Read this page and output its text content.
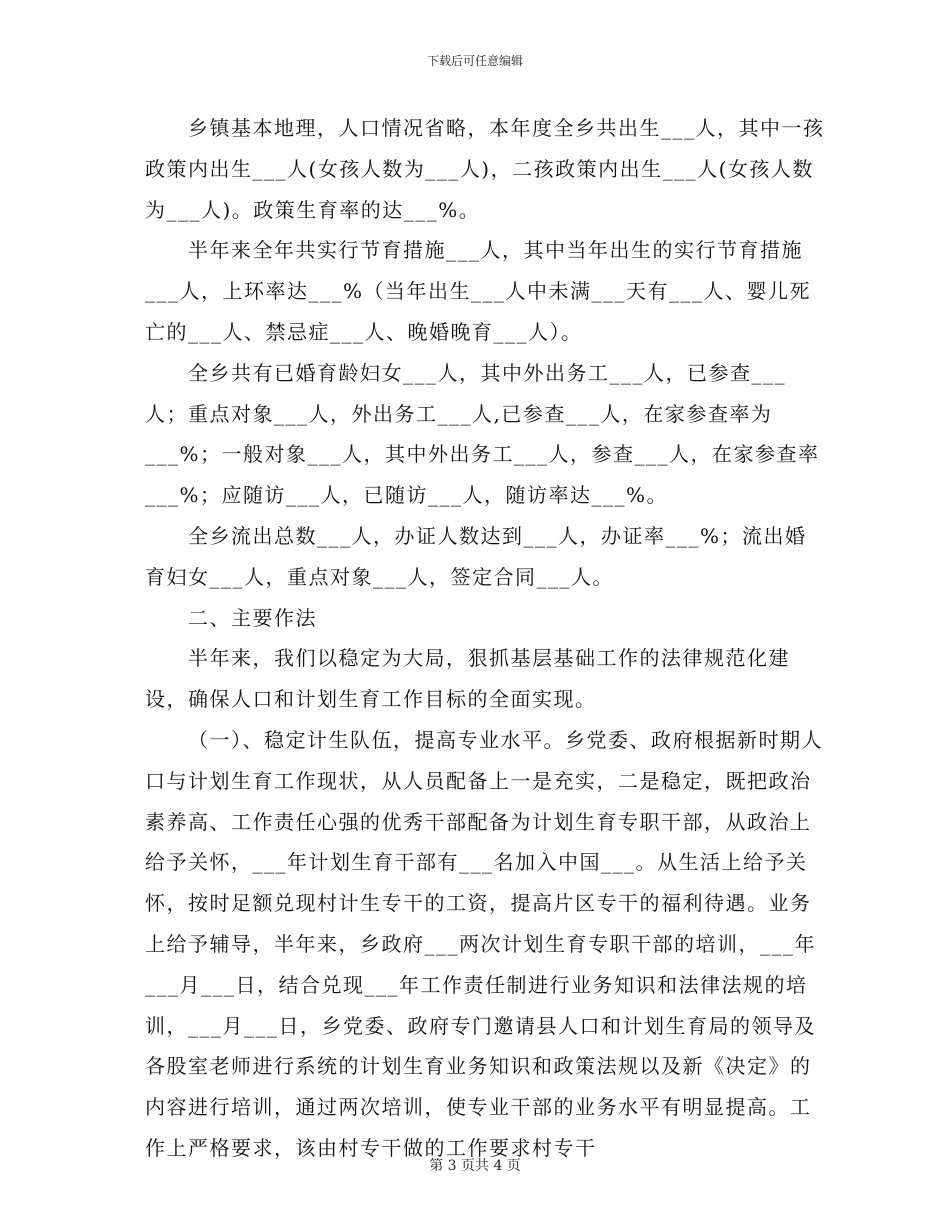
下载后可任意编辑

乡镇基本地理，人口情况省略，本年度全乡共出生___人，其中一孩政策内出生___人(女孩人数为___人)，二孩政策内出生___人(女孩人数为___人)。政策生育率的达___%。

半年来全年共实行节育措施___人，其中当年出生的实行节育措施___人，上环率达___%（当年出生___人中未满___天有___人、婴儿死亡的___人、禁忌症___人、晚婚晚育___人）。

全乡共有已婚育龄妇女___人，其中外出务工___人，已参查___人；重点对象___人，外出务工___人,已参查___人，在家参查率为___%；一般对象___人，其中外出务工___人，参查___人，在家参查率___%；应随访___人，已随访___人，随访率达___%。

全乡流出总数___人，办证人数达到___人，办证率___%；流出婚育妇女___人，重点对象___人，签定合同___人。

二、主要作法

半年来，我们以稳定为大局，狠抓基层基础工作的法律规范化建设，确保人口和计划生育工作目标的全面实现。

（一）、稳定计生队伍，提高专业水平。乡党委、政府根据新时期人口与计划生育工作现状，从人员配备上一是充实，二是稳定，既把政治素养高、工作责任心强的优秀干部配备为计划生育专职干部，从政治上给予关怀，___年计划生育干部有___名加入中国___。从生活上给予关怀，按时足额兑现村计生专干的工资，提高片区专干的福利待遇。业务上给予辅导，半年来，乡政府___两次计划生育专职干部的培训，___年___月___日，结合兑现___年工作责任制进行业务知识和法律法规的培训，___月___日，乡党委、政府专门邀请县人口和计划生育局的领导及各股室老师进行系统的计划生育业务知识和政策法规以及新《决定》的内容进行培训，通过两次培训，使专业干部的业务水平有明显提高。工作上严格要求，该由村专干做的工作要求村专干

第 3 页共 4 页
